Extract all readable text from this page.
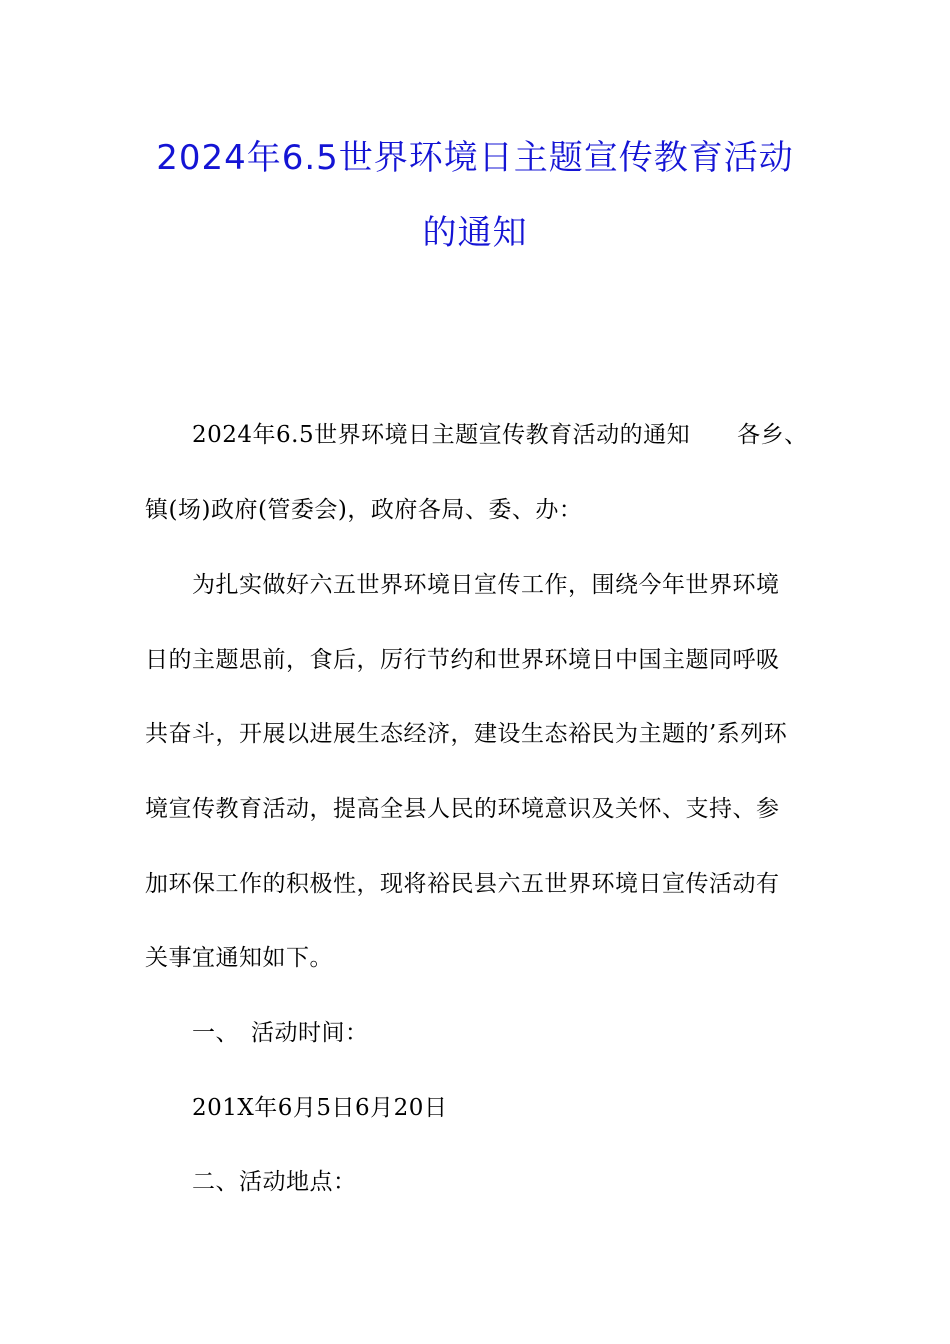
2024年6.5世界环境日主题宣传教育活动
的通知
2024年6.5世界环境日主题宣传教育活动的通知　　各乡、
镇(场)政府(管委会)，政府各局、委、办：
为扎实做好六五世界环境日宣传工作，围绕今年世界环境
日的主题思前，食后，厉行节约和世界环境日中国主题同呼吸
共奋斗，开展以进展生态经济，建设生态裕民为主题的’系列环
境宣传教育活动，提高全县人民的环境意识及关怀、支持、参
加环保工作的积极性，现将裕民县六五世界环境日宣传活动有
关事宜通知如下。
一、　活动时间：
201X年6月5日6月20日
二、活动地点：
